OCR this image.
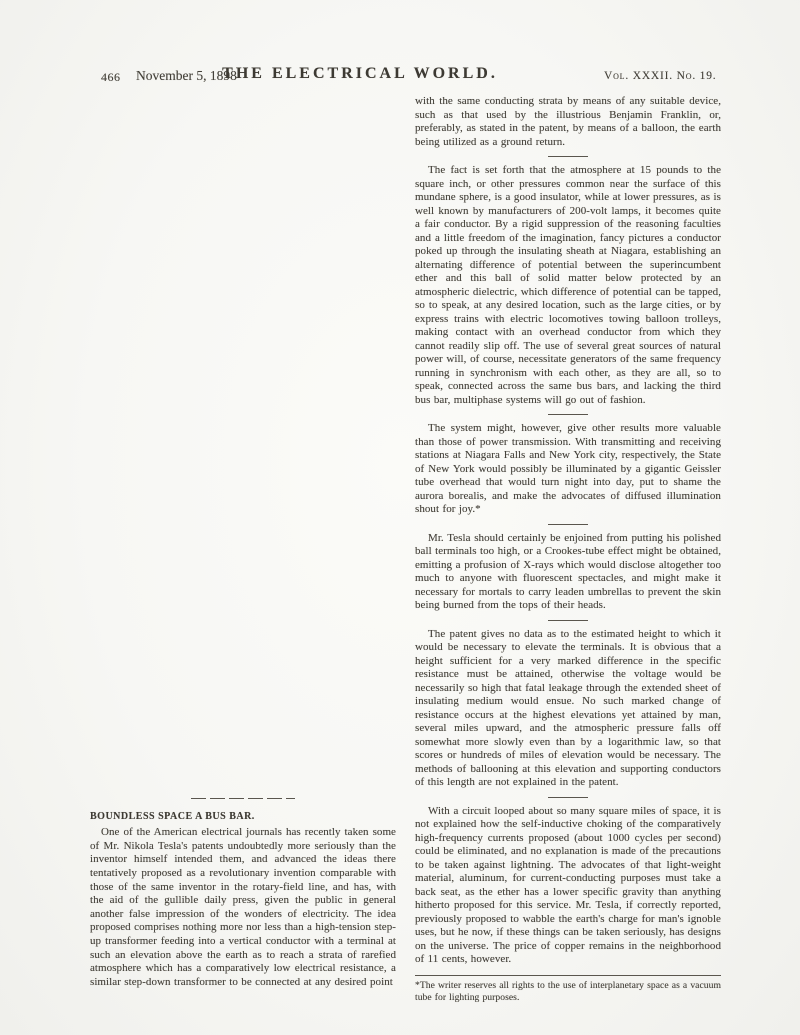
466 November 5, 1898
THE ELECTRICAL WORLD.	Vol. XXXII. No. 19.
BOUNDLESS SPACE A BUS BAR.

One of the American electrical journals has recently taken some of Mr. Nikola Tesla's patents undoubtedly more seriously than the inventor himself intended them, and advanced the ideas there tentatively proposed as a revolutionary invention comparable with those of the same inventor in the rotary-field line, and has, with the aid of the gullible daily press, given the public in general another false impression of the wonders of electricity. The idea proposed comprises nothing more nor less than a high-tension step-up transformer feeding into a vertical conductor with a terminal at such an elevation above the earth as to reach a strata of rarefied atmosphere which has a comparatively low electrical resistance, a similar step-down transformer to be connected at any desired point

with the same conducting strata by means of any suitable device, such as that used by the illustrious Benjamin Franklin, or, preferably, as stated in the patent, by means of a balloon, the earth being utilized as a ground return.

The fact is set forth that the atmosphere at 15 pounds to the square inch, or other pressures common near the surface of this mundane sphere, is a good insulator, while at lower pressures, as is well known by manufacturers of 200-volt lamps, it becomes quite a fair conductor. By a rigid suppression of the reasoning faculties and a little freedom of the imagination, fancy pictures a conductor poked up through the insulating sheath at Niagara, establishing an alternating difference of potential between the superincumbent ether and this ball of solid matter below protected by an atmospheric dielectric, which difference of potential can be tapped, so to speak, at any desired location, such as the large cities, or by express trains with electric locomotives towing balloon trolleys, making contact with an overhead conductor from which they cannot readily slip off. The use of several great sources of natural power will, of course, necessitate generators of the same frequency running in synchronism with each other, as they are all, so to speak, connected across the same bus bars, and lacking the third bus bar, multiphase systems will go out of fashion.

The system might, however, give other results more valuable than those of power transmission. With transmitting and receiving stations at Niagara Falls and New York city, respectively, the State of New York would possibly be illuminated by a gigantic Geissler tube overhead that would turn night into day, put to shame the aurora borealis, and make the advocates of diffused illumination shout for joy.*

Mr. Tesla should certainly be enjoined from putting his polished ball terminals too high, or a Crookes-tube effect might be obtained, emitting a profusion of X-rays which would disclose altogether too much to anyone with fluorescent spectacles, and might make it necessary for mortals to carry leaden umbrellas to prevent the skin being burned from the tops of their heads.

The patent gives no data as to the estimated height to which it would be necessary to elevate the terminals. It is obvious that a height sufficient for a very marked difference in the specific resistance must be attained, otherwise the voltage would be necessarily so high that fatal leakage through the extended sheet of insulating medium would ensue. No such marked change of resistance occurs at the highest elevations yet attained by man, several miles upward, and the atmospheric pressure falls off somewhat more slowly even than by a logarithmic law, so that scores or hundreds of miles of elevation would be necessary. The methods of ballooning at this elevation and supporting conductors of this length are not explained in the patent.

With a circuit looped about so many square miles of space, it is not explained how the self-inductive choking of the comparatively high-frequency currents proposed (about 1000 cycles per second) could be eliminated, and no explanation is made of the precautions to be taken against lightning. The advocates of that light-weight material, aluminum, for current-conducting purposes must take a back seat, as the ether has a lower specific gravity than anything hitherto proposed for this service. Mr. Tesla, if correctly reported, previously proposed to wabble the earth's charge for man's ignoble uses, but he now, if these things can be taken seriously, has designs on the universe. The price of copper remains in the neighborhood of 11 cents, however.

*The writer reserves all rights to the use of interplanetary space as a vacuum tube for lighting purposes.
